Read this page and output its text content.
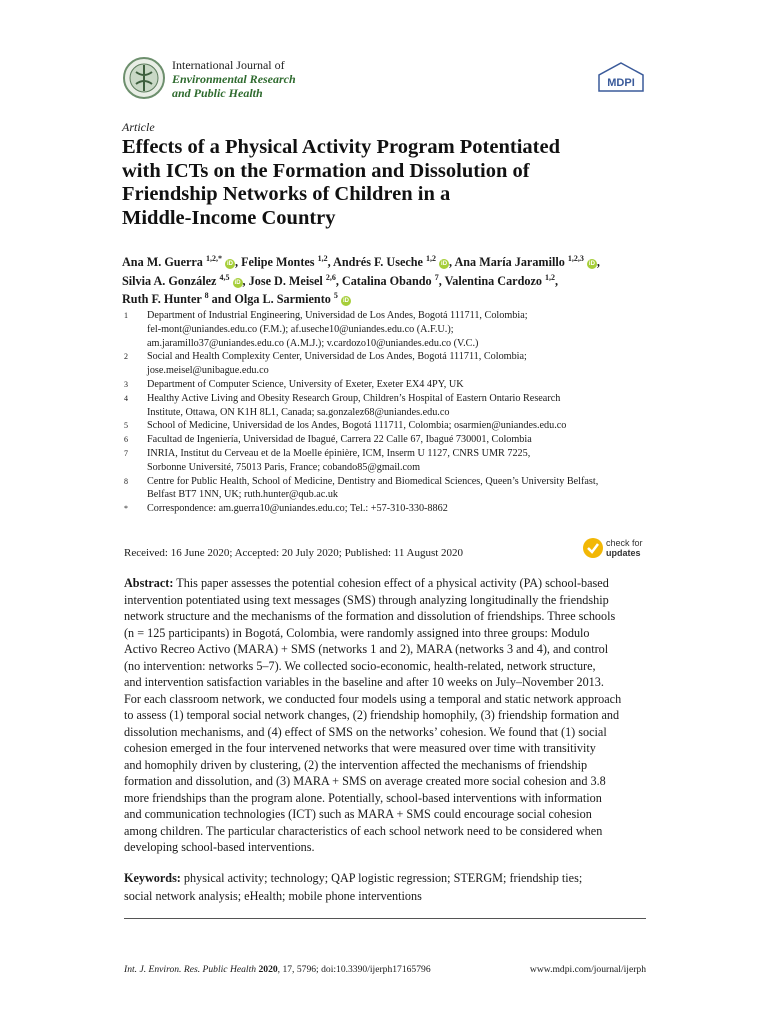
International Journal of
Environmental Research
and Public Health
MDPI
Article
Effects of a Physical Activity Program Potentiated
with ICTs on the Formation and Dissolution of
Friendship Networks of Children in a
Middle-Income Country
Ana M. Guerra $^{1,2,*}$ iD , Felipe Montes $^{1,2}$, Andrés F. Useche $^{1,2}$ iD , Ana María Jaramillo $^{1,2,3}$ iD ,
Silvia A. González $^{4,5}$ iD , Jose D. Meisel $^{2,6}$, Catalina Obando $^7$, Valentina Cardozo $^{1,2}$,
Ruth F. Hunter $^8$ and Olga L. Sarmiento $^5$ iD
1 Department of Industrial Engineering, Universidad de Los Andes, Bogotá 111711, Colombia;
fel-mont@uniandes.edu.co (F.M.); af.useche10@uniandes.edu.co (A.F.U.);
am.jaramillo37@uniandes.edu.co (A.M.J.); v.cardozo10@uniandes.edu.co (V.C.)
2 Social and Health Complexity Center, Universidad de Los Andes, Bogotá 111711, Colombia;
jose.meisel@unibague.edu.co
3 Department of Computer Science, University of Exeter, Exeter EX4 4PY, UK
4 Healthy Active Living and Obesity Research Group, Children’s Hospital of Eastern Ontario Research
Institute, Ottawa, ON K1H 8L1, Canada; sa.gonzalez68@uniandes.edu.co
5 School of Medicine, Universidad de los Andes, Bogotá 111711, Colombia; osarmien@uniandes.edu.co
6 Facultad de Ingeniería, Universidad de Ibagué, Carrera 22 Calle 67, Ibagué 730001, Colombia
7 INRIA, Institut du Cerveau et de la Moelle épinière, ICM, Inserm U 1127, CNRS UMR 7225,
Sorbonne Université, 75013 Paris, France; cobando85@gmail.com
8 Centre for Public Health, School of Medicine, Dentistry and Biomedical Sciences, Queen’s University Belfast,
Belfast BT7 1NN, UK; ruth.hunter@qub.ac.uk
* Correspondence: am.guerra10@uniandes.edu.co; Tel.: +57-310-330-8862
Received: 16 June 2020; Accepted: 20 July 2020; Published: 11 August 2020
check for
updates
Abstract: This paper assesses the potential cohesion effect of a physical activity (PA) school-based
intervention potentiated using text messages (SMS) through analyzing longitudinally the friendship
network structure and the mechanisms of the formation and dissolution of friendships. Three schools
(n = 125 participants) in Bogotá, Colombia, were randomly assigned into three groups: Modulo
Activo Recreo Activo (MARA) + SMS (networks 1 and 2), MARA (networks 3 and 4), and control
(no intervention: networks 5–7). We collected socio-economic, health-related, network structure,
and intervention satisfaction variables in the baseline and after 10 weeks on July–November 2013.
For each classroom network, we conducted four models using a temporal and static network approach
to assess (1) temporal social network changes, (2) friendship homophily, (3) friendship formation and
dissolution mechanisms, and (4) effect of SMS on the networks’ cohesion. We found that (1) social
cohesion emerged in the four intervened networks that were measured over time with transitivity
and homophily driven by clustering, (2) the intervention affected the mechanisms of friendship
formation and dissolution, and (3) MARA + SMS on average created more social cohesion and 3.8
more friendships than the program alone. Potentially, school-based interventions with information
and communication technologies (ICT) such as MARA + SMS could encourage social cohesion
among children. The particular characteristics of each school network need to be considered when
developing school-based interventions.
Keywords: physical activity; technology; QAP logistic regression; STERGM; friendship ties;
social network analysis; eHealth; mobile phone interventions
Int. J. Environ. Res. Public Health 2020, 17, 5796; doi:10.3390/ijerph17165796	www.mdpi.com/journal/ijerph
